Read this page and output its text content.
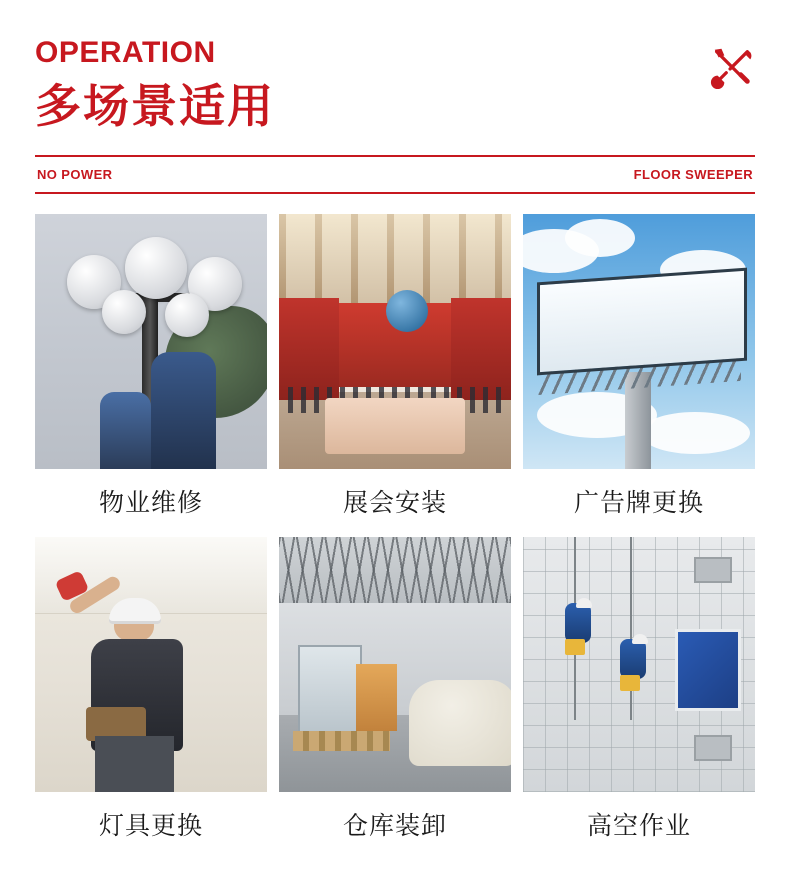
OPERATION
多场景适用
NO POWER	FLOOR SWEEPER
物业维修	展会安装	广告牌更换
灯具更换	仓库装卸	高空作业
